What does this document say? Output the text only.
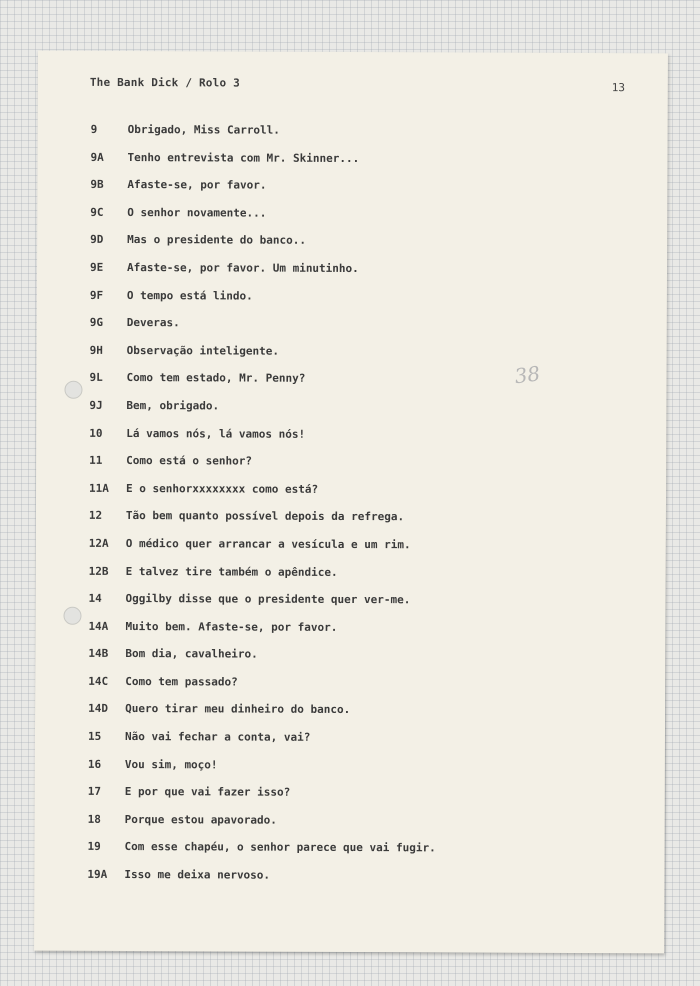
The Bank Dick / Rolo 3	13
38
9	Obrigado, Miss Carroll.
9A Tenho entrevista com Mr. Skinner...
9B Afaste-se, por favor.
9C O senhor novamente...
9D Mas o presidente do banco..
9E Afaste-se, por favor. Um minutinho.
9F O tempo está lindo.
9G Deveras.
9H Observação inteligente.
9L Como tem estado, Mr. Penny?
9J Bem, obrigado.
10 Lá vamos nós, lá vamos nós!
11 Como está o senhor?
11A E o senhorxxxxxxxx como está?
12 Tão bem quanto possível depois da refrega.
12A O médico quer arrancar a vesícula e um rim.
12B E talvez tire também o apêndice.
14 Oggilby disse que o presidente quer ver-me.
14A Muito bem. Afaste-se, por favor.
14B Bom dia, cavalheiro.
14C Como tem passado?
14D Quero tirar meu dinheiro do banco.
15 Não vai fechar a conta, vai?
16 Vou sim, moço!
17 E por que vai fazer isso?
18 Porque estou apavorado.
19 Com esse chapéu, o senhor parece que vai fugir.
19A Isso me deixa nervoso.
